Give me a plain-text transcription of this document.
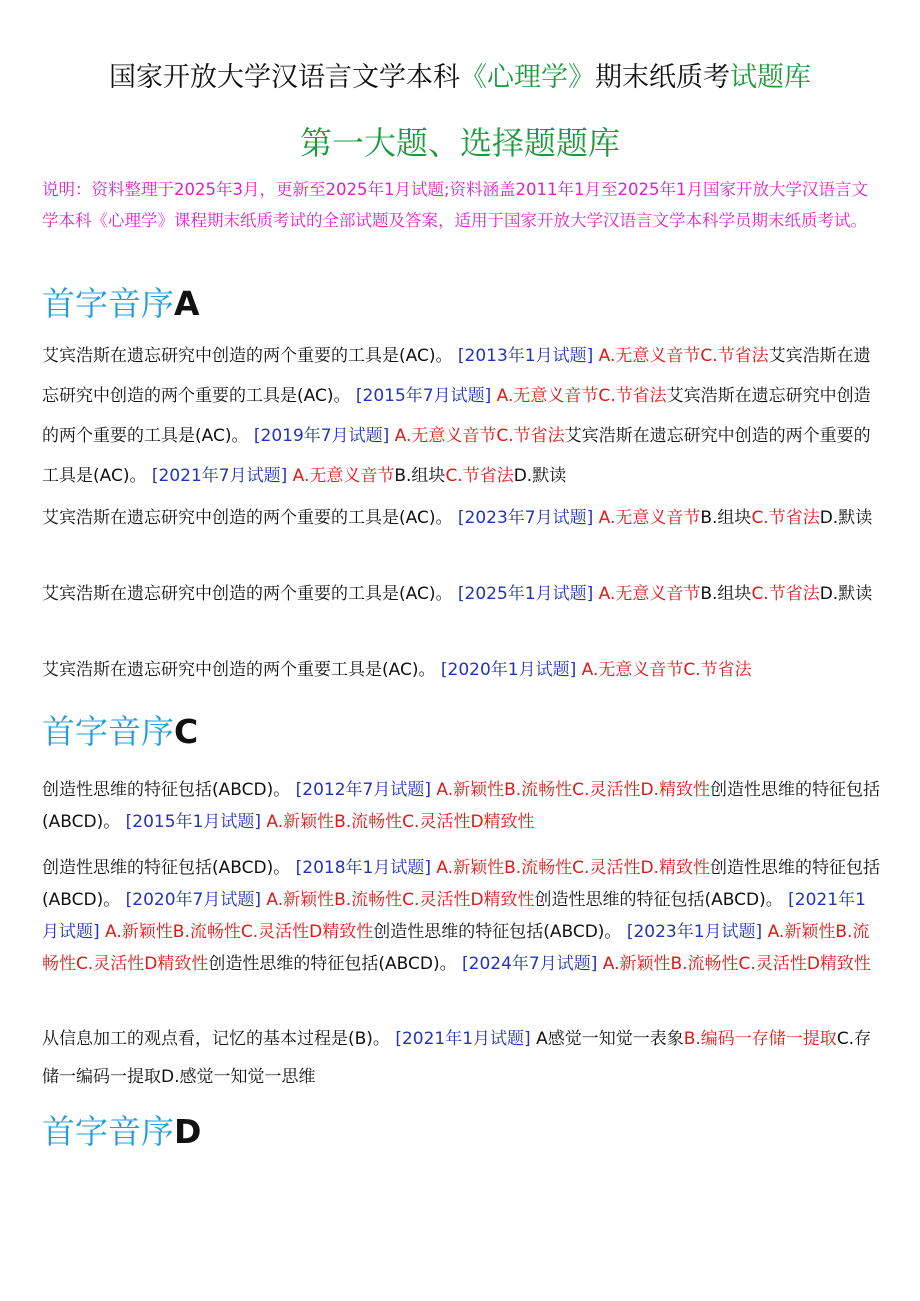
国家开放大学汉语言文学本科《心理学》期末纸质考试题库
第一大题、选择题题库
说明：资料整理于2025年3月，更新至2025年1月试题;资料涵盖2011年1月至2025年1月国家开放大学汉语言文学本科《心理学》课程期末纸质考试的全部试题及答案，适用于国家开放大学汉语言文学本科学员期末纸质考试。
首字音序A
艾宾浩斯在遗忘研究中创造的两个重要的工具是(AC)。 [2013年1月试题] A.无意义音节C.节省法艾宾浩斯在遗忘研究中创造的两个重要的工具是(AC)。 [2015年7月试题] A.无意义音节C.节省法艾宾浩斯在遗忘研究中创造的两个重要的工具是(AC)。 [2019年7月试题] A.无意义音节C.节省法艾宾浩斯在遗忘研究中创造的两个重要的工具是(AC)。 [2021年7月试题] A.无意义音节B.组块C.节省法D.默读
艾宾浩斯在遗忘研究中创造的两个重要的工具是(AC)。 [2023年7月试题] A.无意义音节B.组块C.节省法D.默读
艾宾浩斯在遗忘研究中创造的两个重要的工具是(AC)。 [2025年1月试题] A.无意义音节B.组块C.节省法D.默读
艾宾浩斯在遗忘研究中创造的两个重要工具是(AC)。 [2020年1月试题] A.无意义音节C.节省法
首字音序C
创造性思维的特征包括(ABCD)。 [2012年7月试题] A.新颖性B.流畅性C.灵活性D.精致性创造性思维的特征包括(ABCD)。 [2015年1月试题] A.新颖性B.流畅性C.灵活性D精致性
创造性思维的特征包括(ABCD)。 [2018年1月试题] A.新颖性B.流畅性C.灵活性D.精致性创造性思维的特征包括(ABCD)。 [2020年7月试题] A.新颖性B.流畅性C.灵活性D精致性创造性思维的特征包括(ABCD)。 [2021年1月试题] A.新颖性B.流畅性C.灵活性D精致性创造性思维的特征包括(ABCD)。 [2023年1月试题] A.新颖性B.流畅性C.灵活性D精致性创造性思维的特征包括(ABCD)。 [2024年7月试题] A.新颖性B.流畅性C.灵活性D精致性
从信息加工的观点看，记忆的基本过程是(B)。 [2021年1月试题] A感觉一知觉一表象B.编码一存储一提取C.存储一编码一提取D.感觉一知觉一思维
首字音序D
